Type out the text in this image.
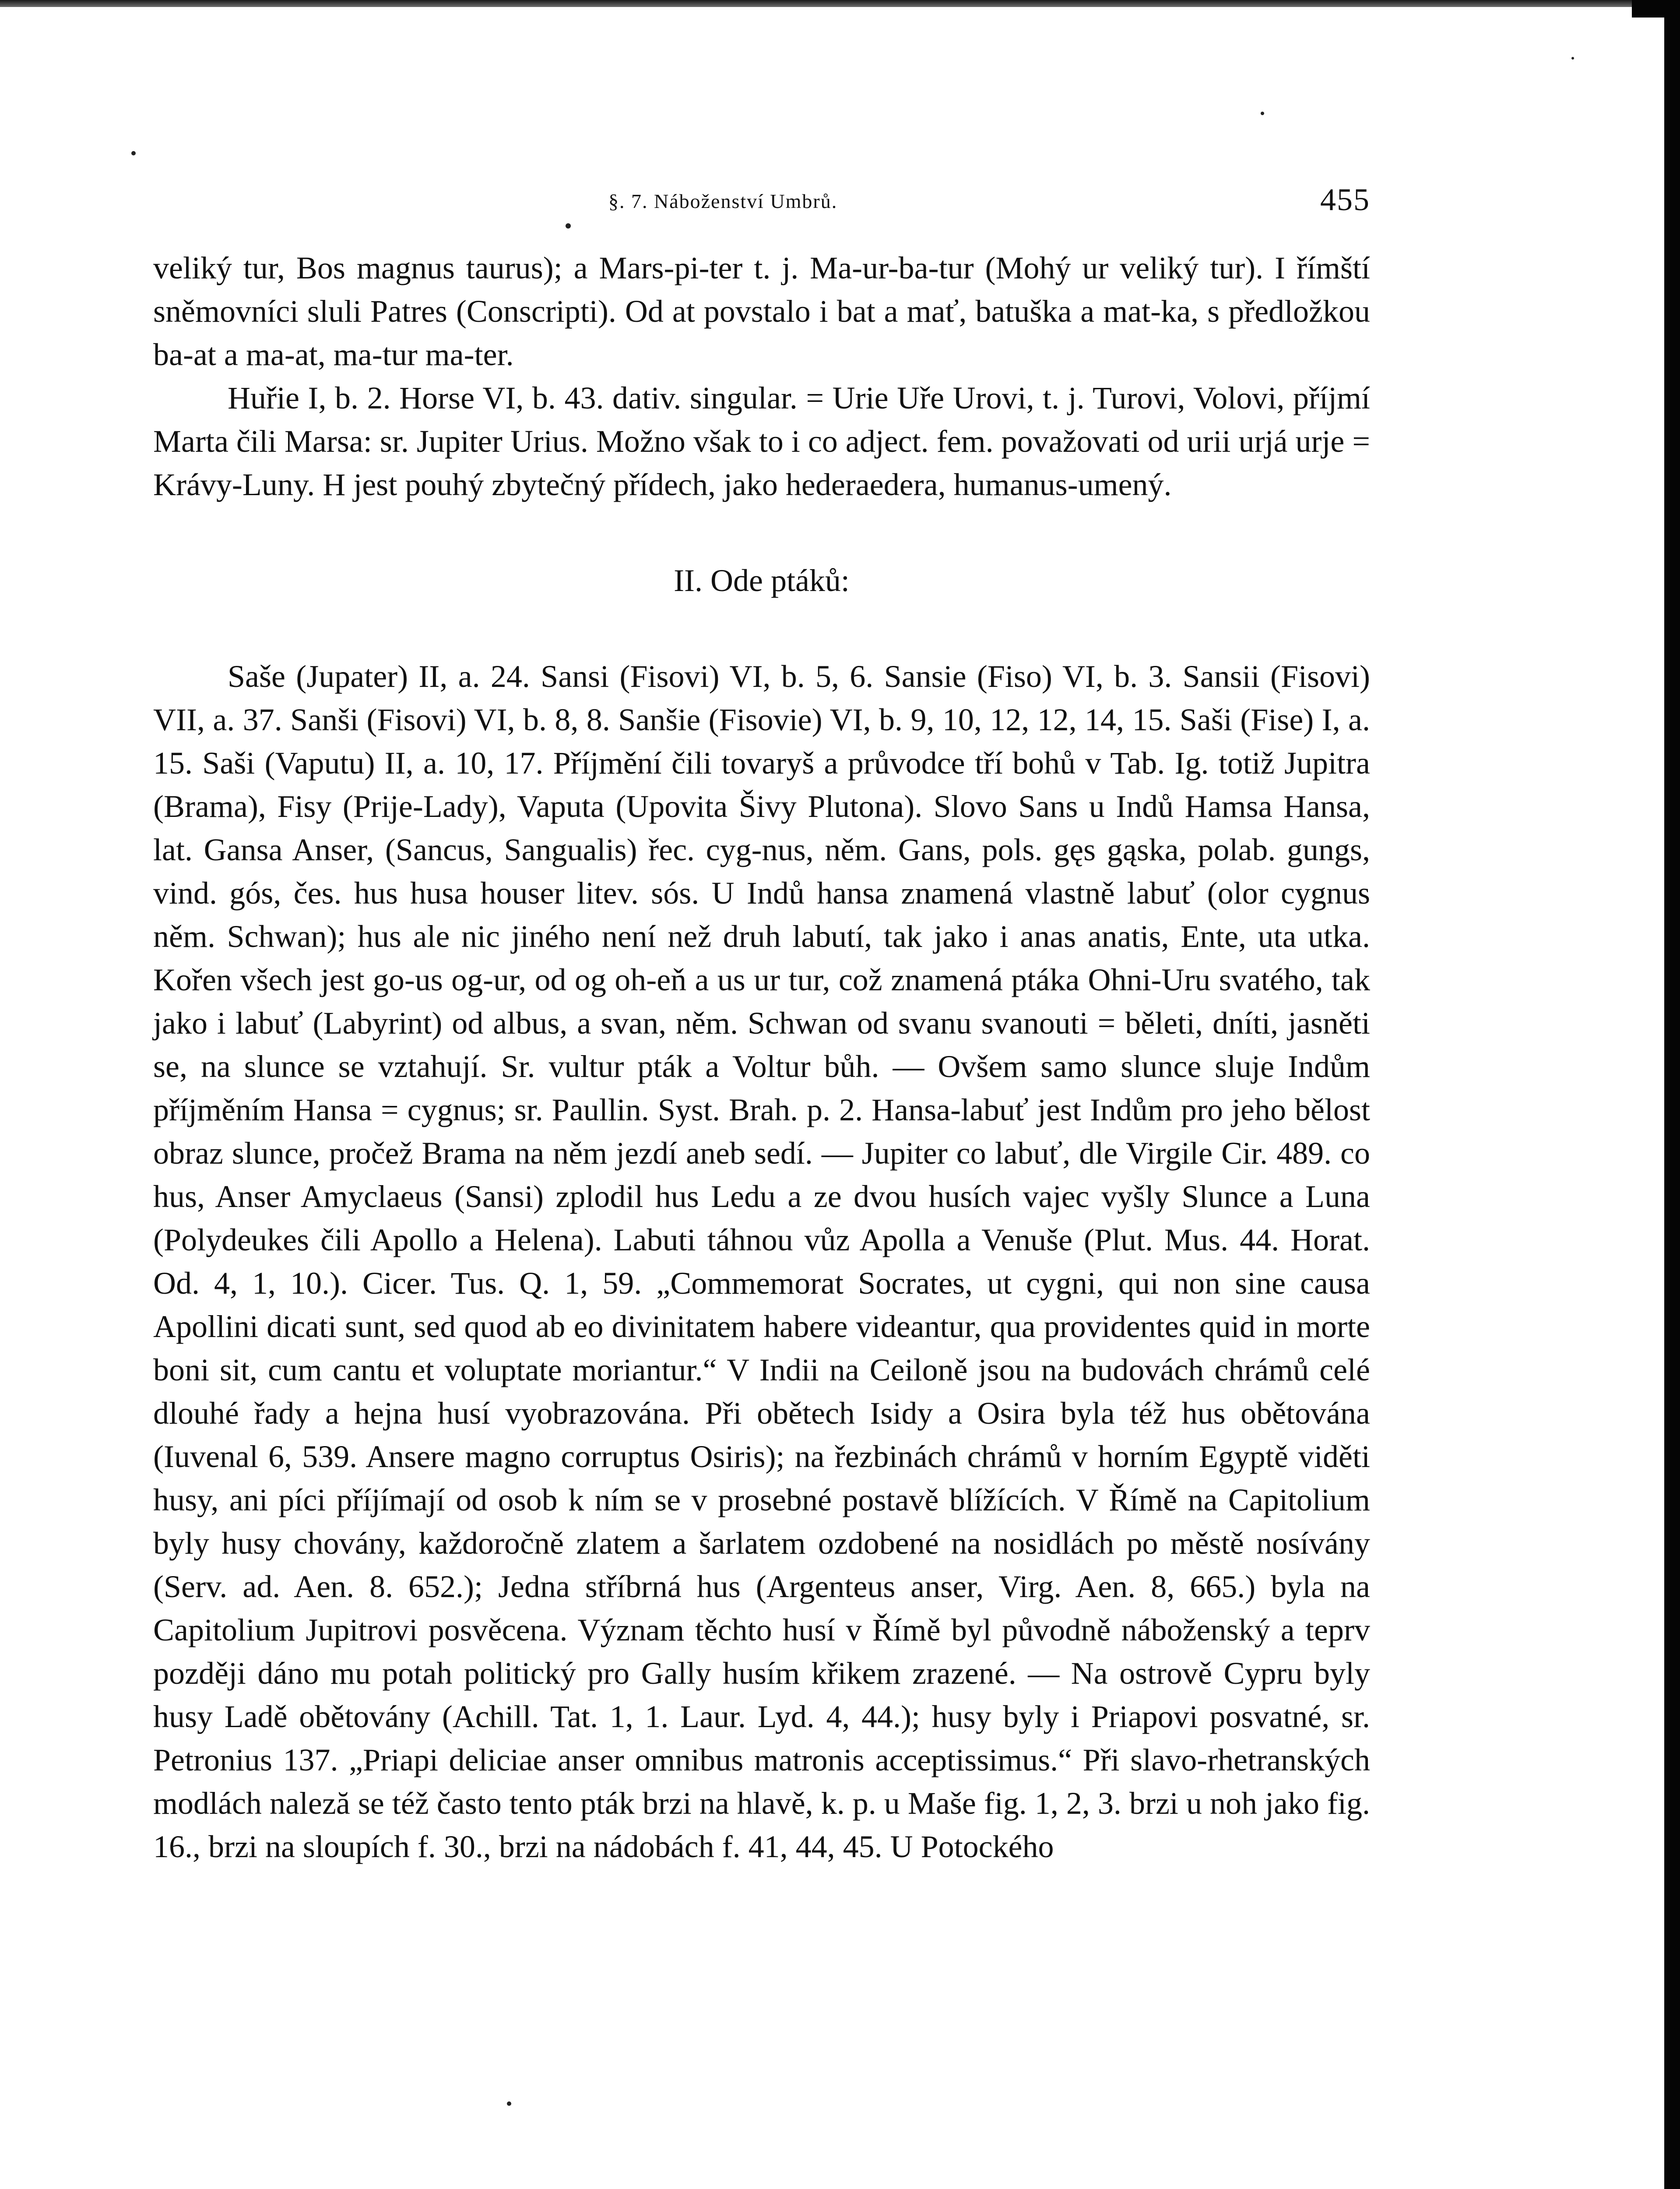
§. 7. Náboženství Umbrů.	455

veliký tur, Bos magnus taurus); a Mars-pi-ter t. j. Ma-ur-ba-tur (Mohý ur veliký tur). I římští sněmovníci sluli Patres (Conscripti). Od at povstalo i bat a mať, batuška a mat-ka, s předložkou ba-at a ma-at, ma-tur ma-ter.

Huřie I, b. 2. Horse VI, b. 43. dativ. singular. = Urie Uře Urovi, t. j. Turovi, Volovi, příjmí Marta čili Marsa: sr. Jupiter Urius. Možno však to i co adject. fem. považovati od urii urjá urje = Krávy-Luny. H jest pouhý zbytečný přídech, jako hederaedera, humanus-umený.

II. Ode ptáků:

Saše (Jupater) II, a. 24. Sansi (Fisovi) VI, b. 5, 6. Sansie (Fiso) VI, b. 3. Sansii (Fisovi) VII, a. 37. Sanši (Fisovi) VI, b. 8, 8. Sanšie (Fisovie) VI, b. 9, 10, 12, 12, 14, 15. Saši (Fise) I, a. 15. Saši (Vaputu) II, a. 10, 17. Příjmění čili tovaryš a průvodce tří bohů v Tab. Ig. totiž Jupitra (Brama), Fisy (Prije-Lady), Vaputa (Upovita Šivy Plutona). Slovo Sans u Indů Hamsa Hansa, lat. Gansa Anser, (Sancus, Sangualis) řec. cyg-nus, něm. Gans, pols. gęs gąska, polab. gungs, vind. gós, čes. hus husa houser litev. sós. U Indů hansa znamená vlastně labuť (olor cygnus něm. Schwan); hus ale nic jiného není než druh labutí, tak jako i anas anatis, Ente, uta utka. Kořen všech jest go-us og-ur, od og oh-eň a us ur tur, což znamená ptáka Ohni-Uru svatého, tak jako i labuť (Labyrint) od albus, a svan, něm. Schwan od svanu svanouti = běleti, dníti, jasněti se, na slunce se vztahují. Sr. vultur pták a Voltur bůh. — Ovšem samo slunce sluje Indům příjměním Hansa = cygnus; sr. Paullin. Syst. Brah. p. 2. Hansa-labuť jest Indům pro jeho bělost obraz slunce, pročež Brama na něm jezdí aneb sedí. — Jupiter co labuť, dle Virgile Cir. 489. co hus, Anser Amyclaeus (Sansi) zplodil hus Ledu a ze dvou husích vajec vyšly Slunce a Luna (Polydeukes čili Apollo a Helena). Labuti táhnou vůz Apolla a Venuše (Plut. Mus. 44. Horat. Od. 4, 1, 10.). Cicer. Tus. Q. 1, 59. „Commemorat Socrates, ut cygni, qui non sine causa Apollini dicati sunt, sed quod ab eo divinitatem habere videantur, qua providentes quid in morte boni sit, cum cantu et voluptate moriantur.“ V Indii na Ceiloně jsou na budovách chrámů celé dlouhé řady a hejna husí vyobrazována. Při obětech Isidy a Osira byla též hus obětována (Iuvenal 6, 539. Ansere magno corruptus Osiris); na řezbinách chrámů v horním Egyptě viděti husy, ani píci příjímají od osob k ním se v prosebné postavě blížících. V Římě na Capitolium byly husy chovány, každoročně zlatem a šarlatem ozdobené na nosidlách po městě nosívány (Serv. ad. Aen. 8. 652.); Jedna stříbrná hus (Argenteus anser, Virg. Aen. 8, 665.) byla na Capitolium Jupitrovi posvěcena. Význam těchto husí v Římě byl původně náboženský a teprv později dáno mu potah politický pro Gally husím křikem zrazené. — Na ostrově Cypru byly husy Ladě obětovány (Achill. Tat. 1, 1. Laur. Lyd. 4, 44.); husy byly i Priapovi posvatné, sr. Petronius 137. „Priapi deliciae anser omnibus matronis acceptissimus.“ Při slavo-rhetranských modlách naleză se též často tento pták brzi na hlavě, k. p. u Maše fig. 1, 2, 3. brzi u noh jako fig. 16., brzi na sloupích f. 30., brzi na nádobách f. 41, 44, 45. U Potockého
